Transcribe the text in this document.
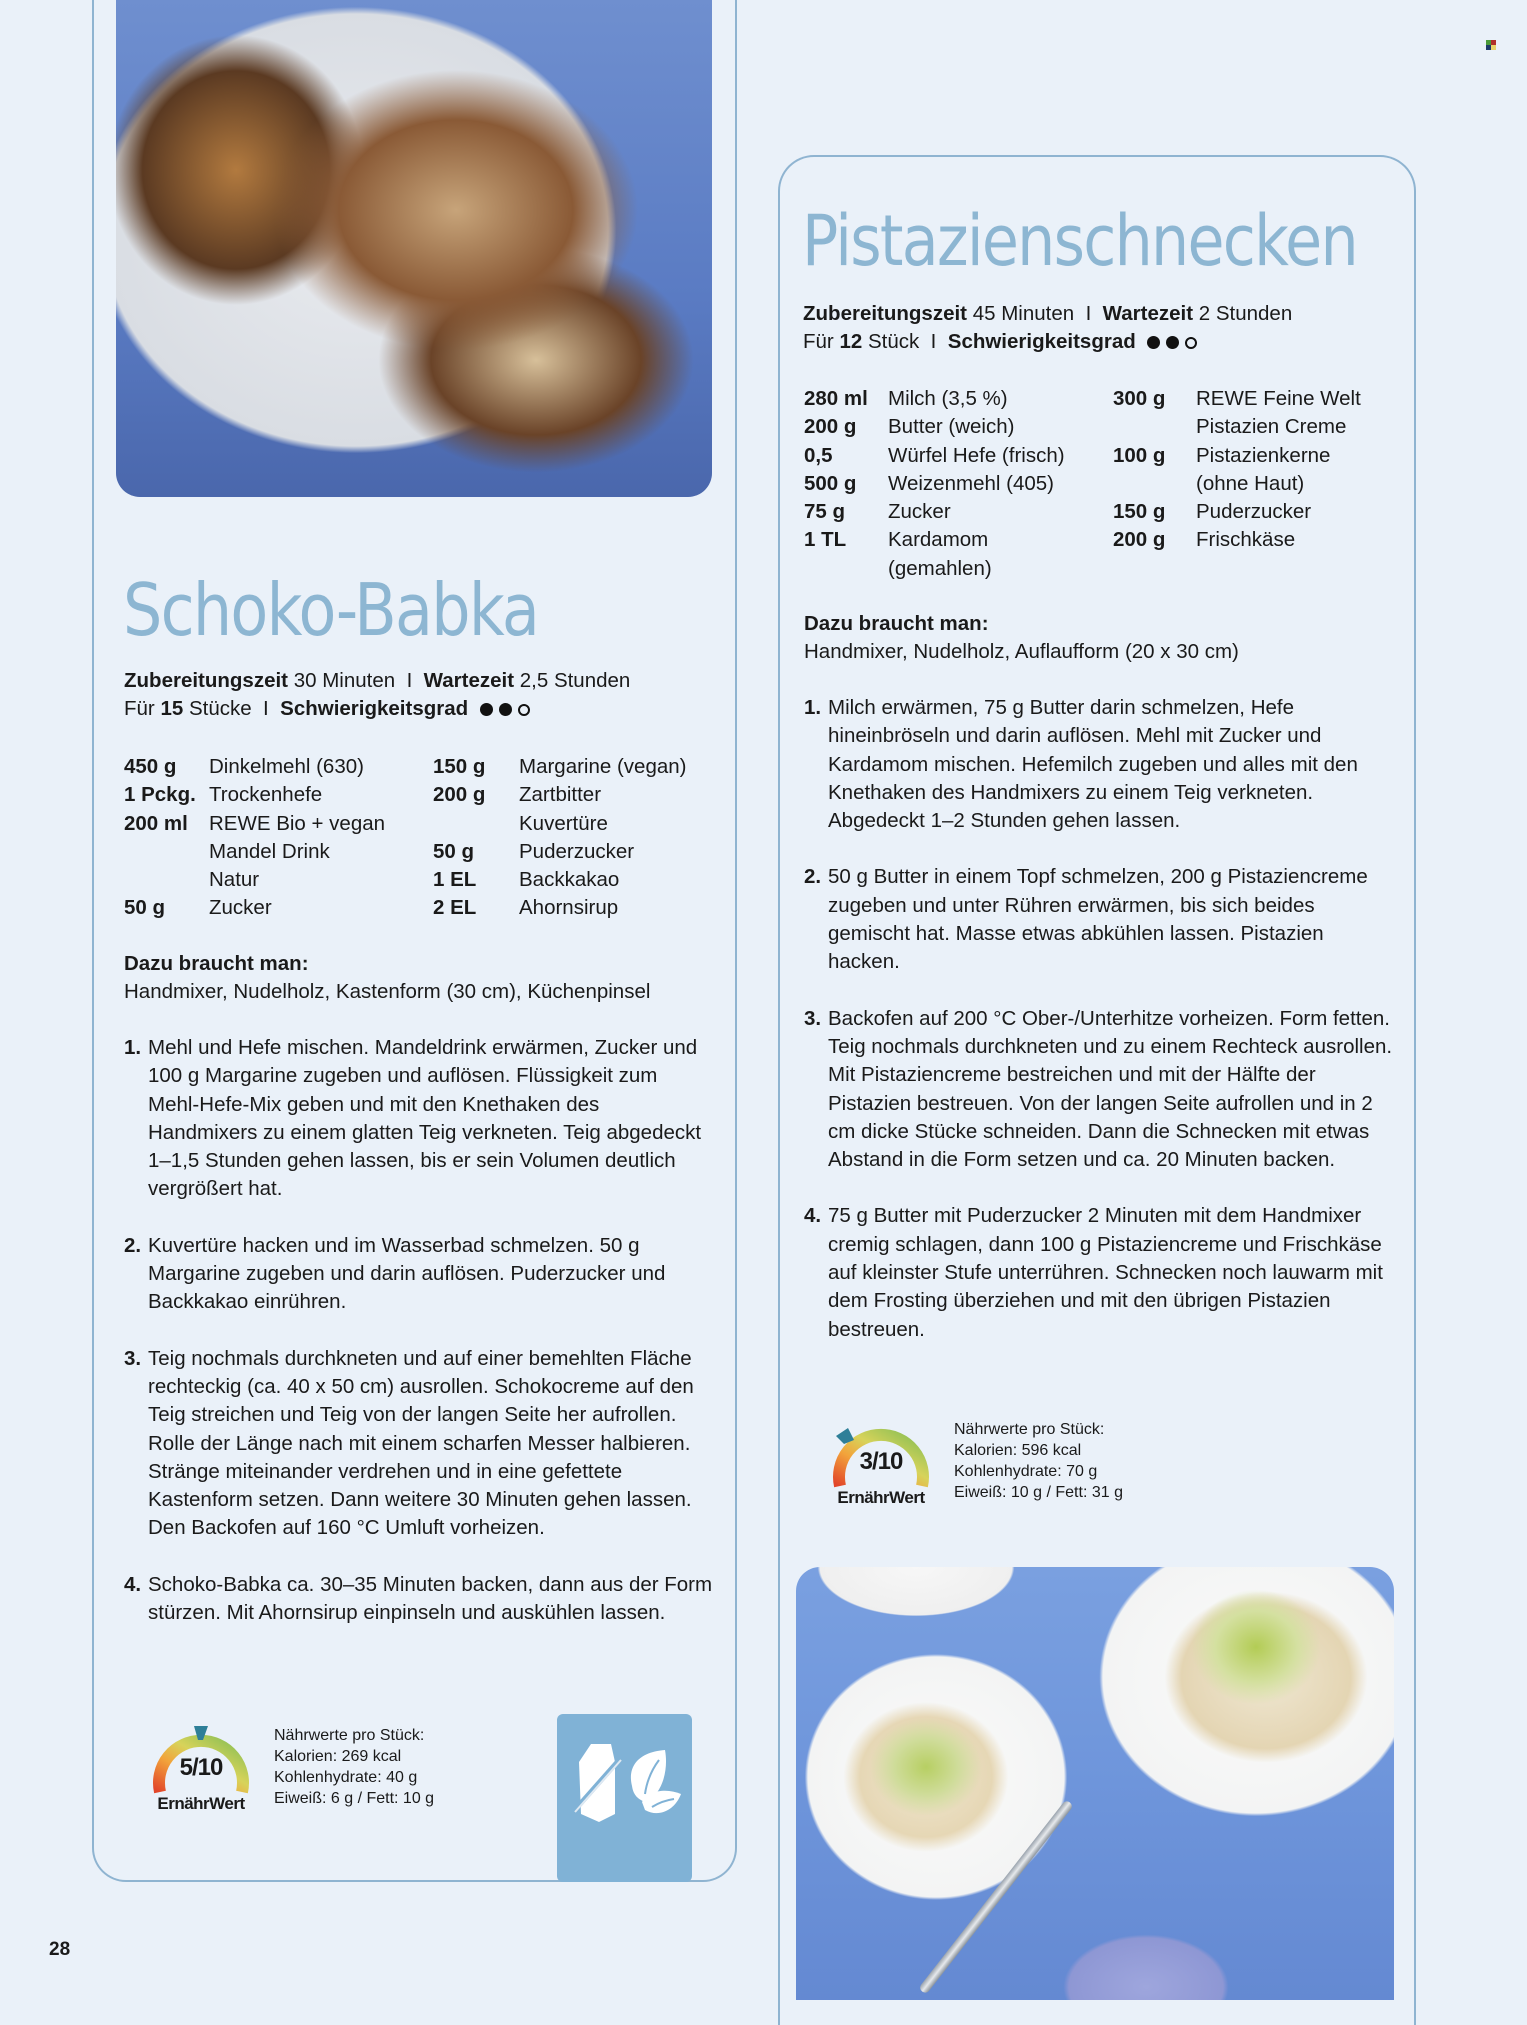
Schoko-Babka
Zubereitungszeit 30 Minuten I Wartezeit 2,5 Stunden
Für 15 Stücke I Schwierigkeitsgrad
450 g	Dinkelmehl (630)
1 Pckg. Trockenhefe
200 ml	REWE Bio + vegan
Mandel Drink
Natur
50 g	Zucker
150 g	Margarine (vegan)
200 g	Zartbitter
Kuvertüre
50 g	Puderzucker
1 EL	Backkakao
2 EL	Ahornsirup
Dazu braucht man:
Handmixer, Nudelholz, Kastenform (30 cm), Küchenpinsel
1. Mehl und Hefe mischen. Mandeldrink erwärmen, Zucker und 100 g Margarine zugeben und auflösen. Flüssigkeit zum Mehl-Hefe-Mix geben und mit den Knethaken des Handmixers zu einem glatten Teig verkneten. Teig abgedeckt 1–1,5 Stunden gehen lassen, bis er sein Volumen deutlich vergrößert hat.
2. Kuvertüre hacken und im Wasserbad schmelzen. 50 g Margarine zugeben und darin auflösen. Puderzucker und Backkakao einrühren.
3. Teig nochmals durchkneten und auf einer bemehlten Fläche rechteckig (ca. 40 x 50 cm) ausrollen. Schokocreme auf den Teig streichen und Teig von der langen Seite her aufrollen. Rolle der Länge nach mit einem scharfen Messer halbieren. Stränge miteinander verdrehen und in eine gefettete Kastenform setzen. Dann weitere 30 Minuten gehen lassen. Den Backofen auf 160 °C Umluft vorheizen.
4. Schoko-Babka ca. 30–35 Minuten backen, dann aus der Form stürzen. Mit Ahornsirup einpinseln und auskühlen lassen.
5/10
ErnährWert
Nährwerte pro Stück:
Kalorien: 269 kcal
Kohlenhydrate: 40 g
Eiweiß: 6 g / Fett: 10 g
Pistazienschnecken
Zubereitungszeit 45 Minuten I Wartezeit 2 Stunden
Für 12 Stück I Schwierigkeitsgrad
280 ml Milch (3,5 %)
200 g	Butter (weich)
0,5	Würfel Hefe (frisch)
500 g	Weizenmehl (405)
75 g	Zucker
1 TL	Kardamom
(gemahlen)
300 g	REWE Feine Welt
Pistazien Creme
100 g	Pistazienkerne
(ohne Haut)
150 g	Puderzucker
200 g	Frischkäse
Dazu braucht man:
Handmixer, Nudelholz, Auflaufform (20 x 30 cm)
1. Milch erwärmen, 75 g Butter darin schmelzen, Hefe hineinbröseln und darin auflösen. Mehl mit Zucker und Kardamom mischen. Hefemilch zugeben und alles mit den Knethaken des Handmixers zu einem Teig verkneten. Abgedeckt 1–2 Stunden gehen lassen.
2. 50 g Butter in einem Topf schmelzen, 200 g Pistaziencreme zugeben und unter Rühren erwärmen, bis sich beides gemischt hat. Masse etwas abkühlen lassen. Pistazien hacken.
3. Backofen auf 200 °C Ober-/Unterhitze vorheizen. Form fetten. Teig nochmals durchkneten und zu einem Rechteck ausrollen. Mit Pistaziencreme bestreichen und mit der Hälfte der Pistazien bestreuen. Von der langen Seite aufrollen und in 2 cm dicke Stücke schneiden. Dann die Schnecken mit etwas Abstand in die Form setzen und ca. 20 Minuten backen.
4. 75 g Butter mit Puderzucker 2 Minuten mit dem Handmixer cremig schlagen, dann 100 g Pistaziencreme und Frischkäse auf kleinster Stufe unterrühren. Schnecken noch lauwarm mit dem Frosting überziehen und mit den übrigen Pistazien bestreuen.
3/10
ErnährWert
Nährwerte pro Stück:
Kalorien: 596 kcal
Kohlenhydrate: 70 g
Eiweiß: 10 g / Fett: 31 g
28
